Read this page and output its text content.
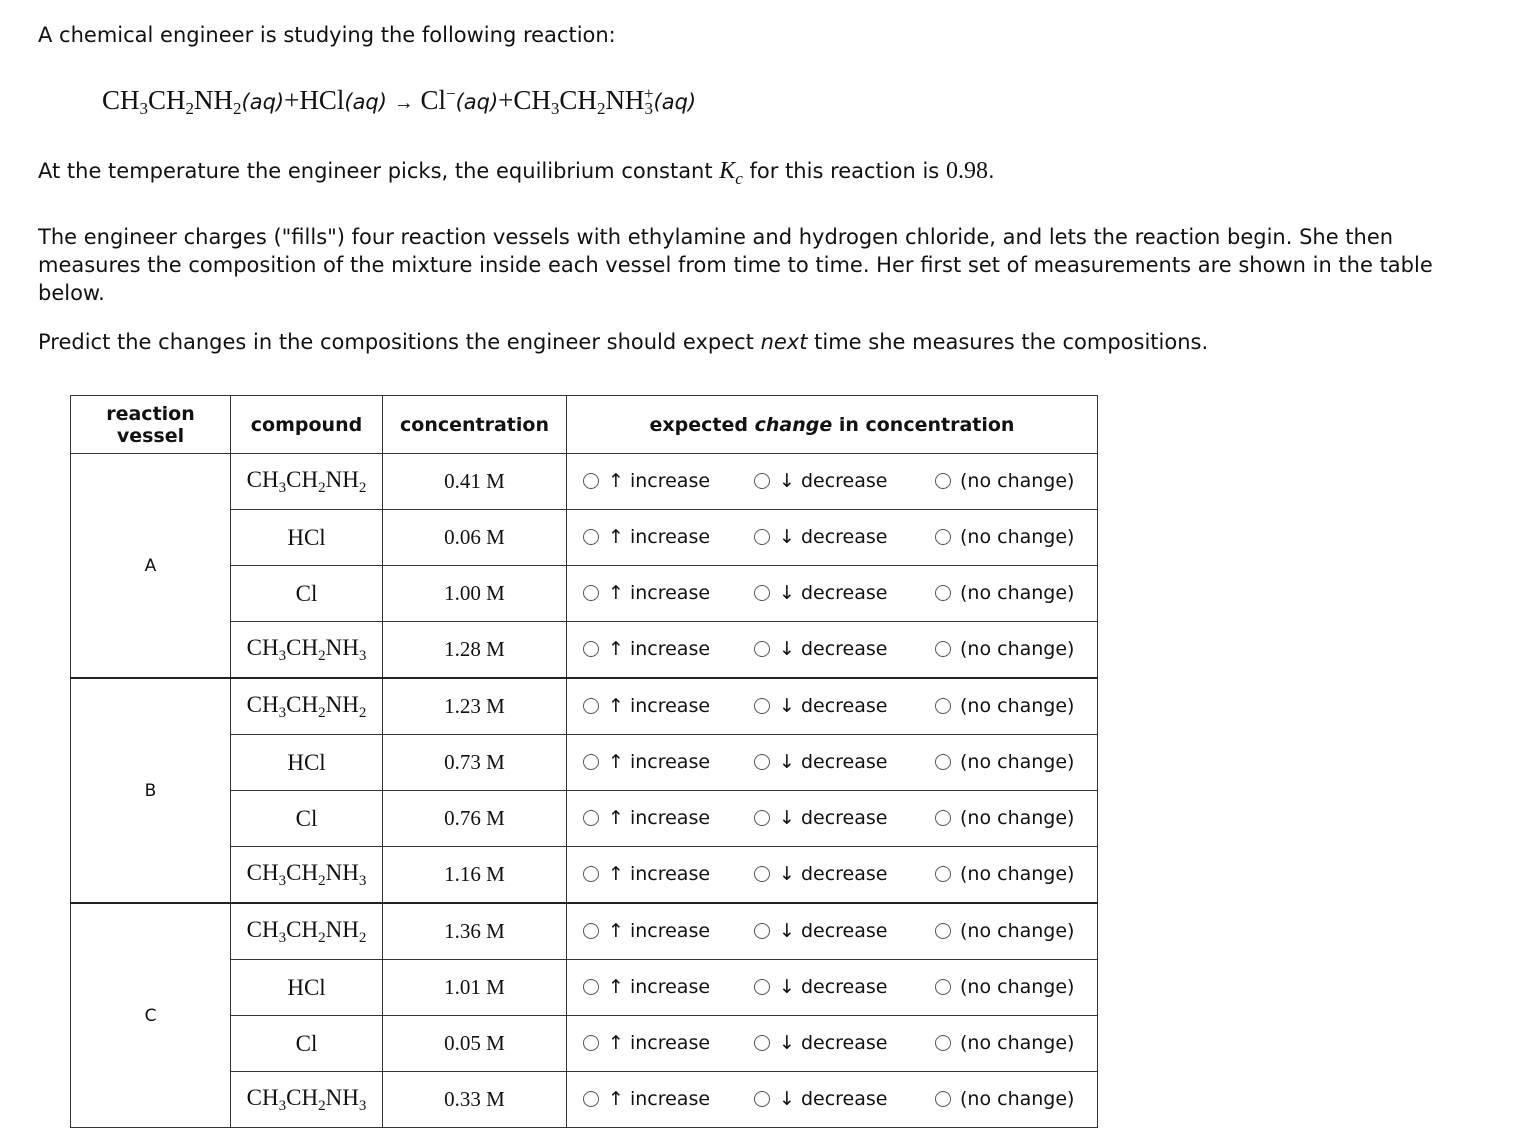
A chemical engineer is studying the following reaction:

$CH_3CH_2NH_2(aq)+HCl(aq) \to Cl^-(aq)+CH_3CH_2NH_3^+(aq)$

At the temperature the engineer picks, the equilibrium constant $K_c$ for this reaction is 0.98.

The engineer charges ("fills") four reaction vessels with ethylamine and hydrogen chloride, and lets the reaction begin. She then measures the composition of the mixture inside each vessel from time to time. Her first set of measurements are shown in the table below.

Predict the changes in the compositions the engineer should expect next time she measures the compositions.

reaction vessel	compound	concentration	expected change in concentration
A	$CH_3CH_2NH_2$	0.41 M	↑ increase ↓ decrease (no change)

	HCl	0.06 M	↑ increase ↓ decrease (no change)

	Cl	1.00 M	↑ increase ↓ decrease (no change)

	$CH_3CH_2NH_3$	1.28 M	↑ increase ↓ decrease (no change)

B	$CH_3CH_2NH_2$	1.23 M	↑ increase ↓ decrease (no change)

	HCl	0.73 M	↑ increase ↓ decrease (no change)

	Cl	0.76 M	↑ increase ↓ decrease (no change)

	$CH_3CH_2NH_3$	1.16 M	↑ increase ↓ decrease (no change)

C	$CH_3CH_2NH_2$	1.36 M	↑ increase ↓ decrease (no change)

	HCl	1.01 M	↑ increase ↓ decrease (no change)

	Cl	0.05 M	↑ increase ↓ decrease (no change)

	$CH_3CH_2NH_3$	0.33 M	↑ increase ↓ decrease (no change)
